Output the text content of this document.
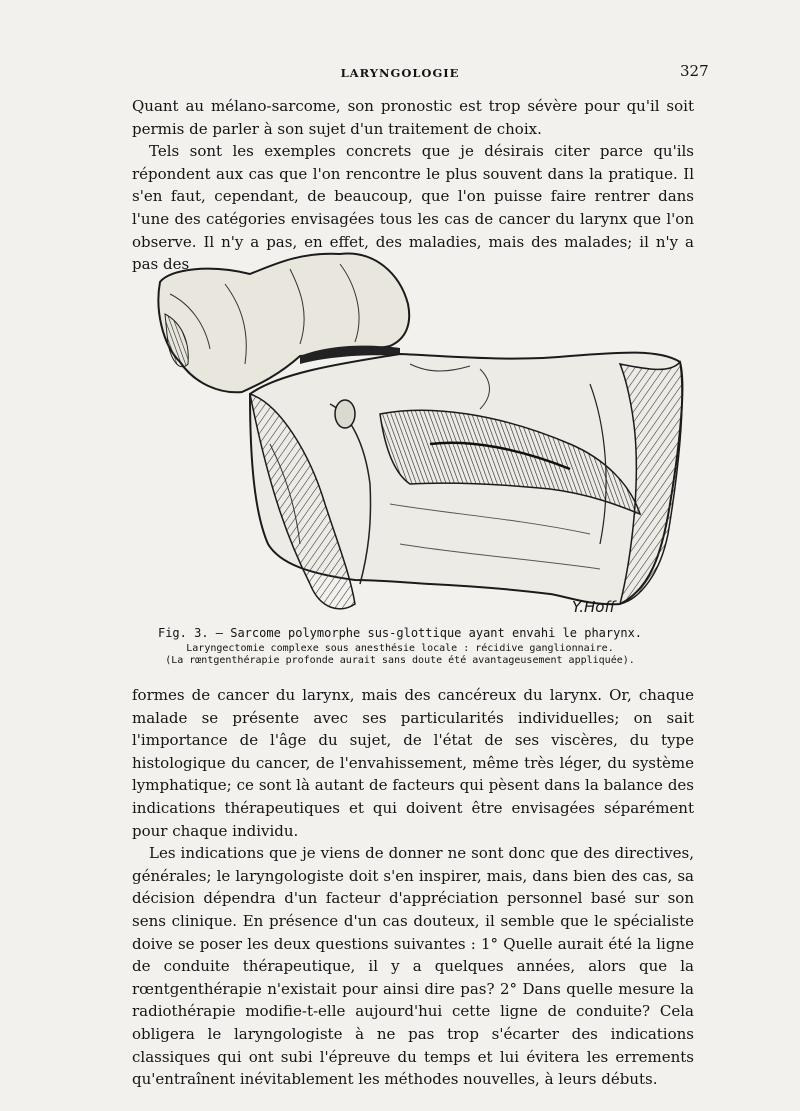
LARYNGOLOGIE	327

Quant au mélano-sarcome, son pronostic est trop sévère pour qu'il soit permis de parler à son sujet d'un traitement de choix.

Tels sont les exemples concrets que je désirais citer parce qu'ils répondent aux cas que l'on rencontre le plus souvent dans la pratique. Il s'en faut, cependant, de beaucoup, que l'on puisse faire rentrer dans l'une des catégories envisagées tous les cas de cancer du larynx que l'on observe. Il n'y a pas, en effet, des maladies, mais des malades; il n'y a pas des

Y.Hoff
Fig. 3. — Sarcome polymorphe sus-glottique ayant envahi le pharynx.
Laryngectomie complexe sous anesthésie locale : récidive ganglionnaire.
(La rœntgenthérapie profonde aurait sans doute été avantageusement appliquée).

formes de cancer du larynx, mais des cancéreux du larynx. Or, chaque malade se présente avec ses particularités individuelles; on sait l'importance de l'âge du sujet, de l'état de ses viscères, du type histologique du cancer, de l'envahissement, même très léger, du système lymphatique; ce sont là autant de facteurs qui pèsent dans la balance des indications thérapeutiques et qui doivent être envisagées séparément pour chaque individu.

Les indications que je viens de donner ne sont donc que des directives, générales; le laryngologiste doit s'en inspirer, mais, dans bien des cas, sa décision dépendra d'un facteur d'appréciation personnel basé sur son sens clinique. En présence d'un cas douteux, il semble que le spécialiste doive se poser les deux questions suivantes : 1° Quelle aurait été la ligne de conduite thérapeutique, il y a quelques années, alors que la rœntgenthérapie n'existait pour ainsi dire pas? 2° Dans quelle mesure la radiothérapie modifie-t-elle aujourd'hui cette ligne de conduite? Cela obligera le laryngologiste à ne pas trop s'écarter des indications classiques qui ont subi l'épreuve du temps et lui évitera les errements qu'entraînent inévitablement les méthodes nouvelles, à leurs débuts.
